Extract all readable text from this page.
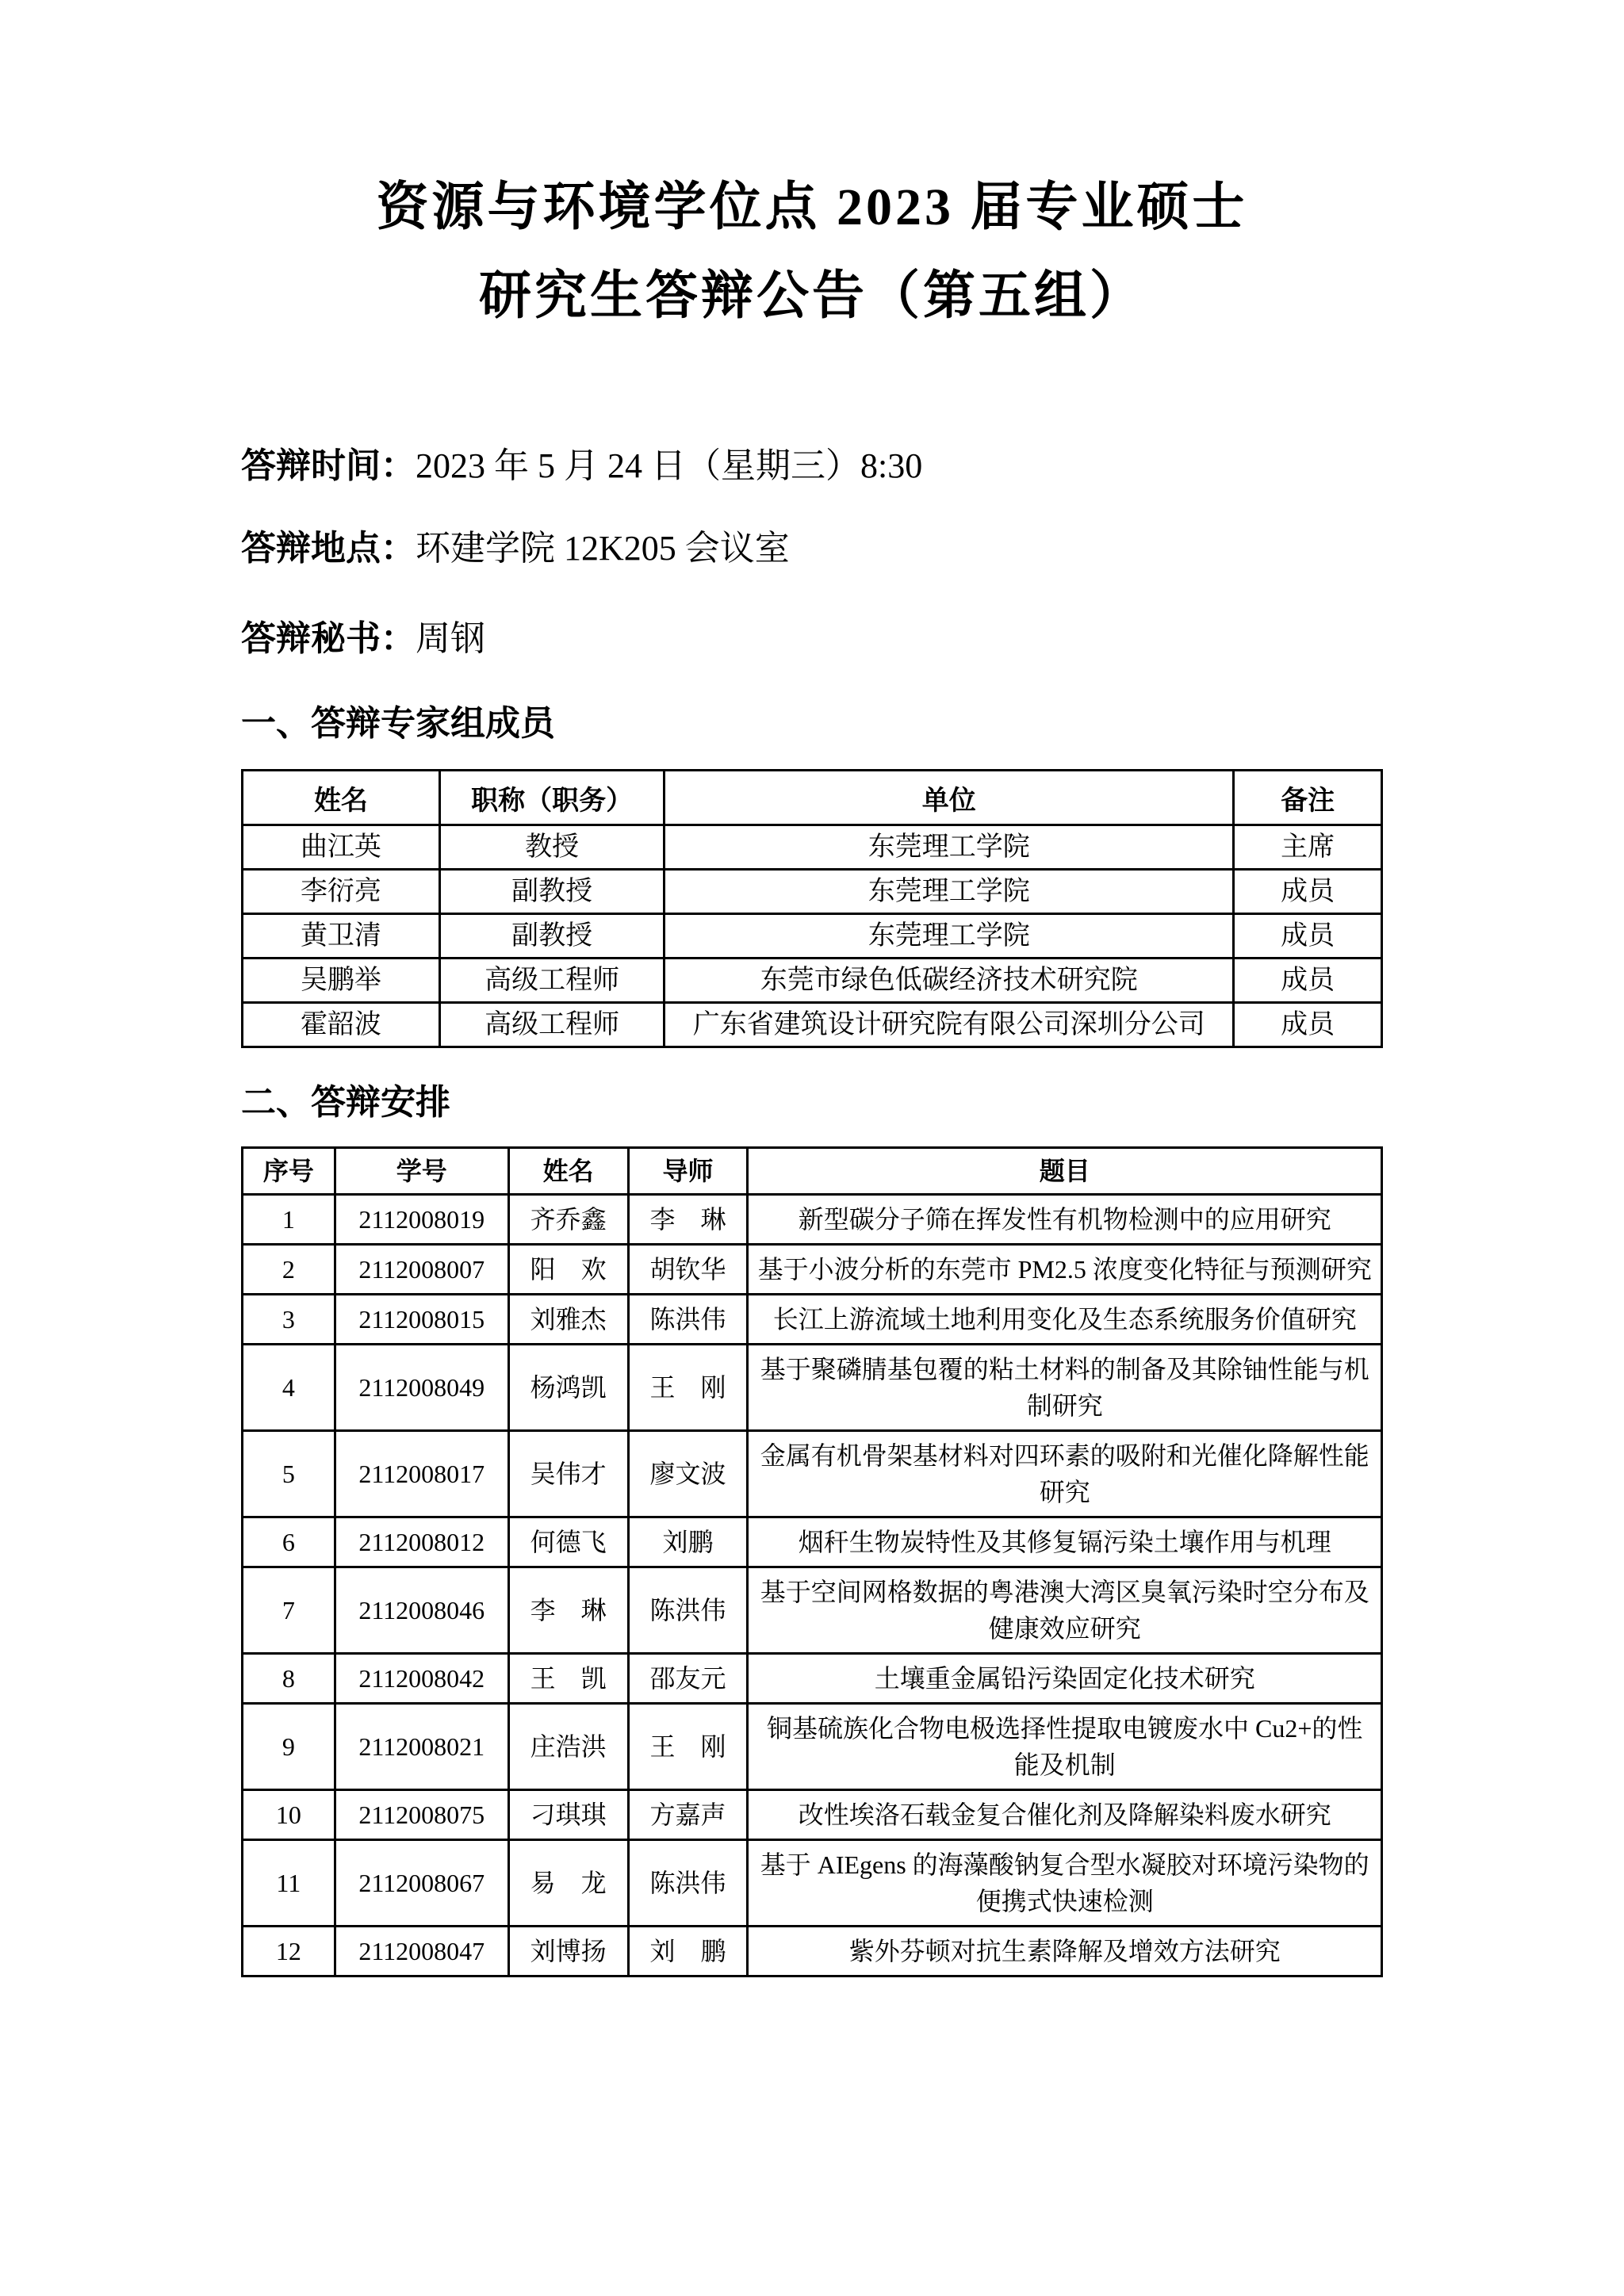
资源与环境学位点 2023 届专业硕士
研究生答辩公告（第五组）

答辩时间：2023 年 5 月 24 日（星期三）8:30

答辩地点：环建学院 12K205 会议室

答辩秘书：周钢

一、答辩专家组成员
姓名	职称（职务）	单位	备注
曲江英	教授	东莞理工学院	主席
李衍亮	副教授	东莞理工学院	成员
黄卫清	副教授	东莞理工学院	成员
吴鹏举	高级工程师	东莞市绿色低碳经济技术研究院	成员
霍韶波	高级工程师	广东省建筑设计研究院有限公司深圳分公司	成员
二、答辩安排
序号	学号	姓名	导师	题目
1	2112008019	齐乔鑫	李　琳	新型碳分子筛在挥发性有机物检测中的应用研究
2	2112008007	阳　欢	胡钦华	基于小波分析的东莞市 PM2.5 浓度变化特征与预测研究
3	2112008015	刘雅杰	陈洪伟	长江上游流域土地利用变化及生态系统服务价值研究
4	2112008049	杨鸿凯	王　刚	基于聚磷腈基包覆的粘土材料的制备及其除铀性能与机制研究
5	2112008017	吴伟才	廖文波	金属有机骨架基材料对四环素的吸附和光催化降解性能研究
6	2112008012	何德飞	刘鹏	烟秆生物炭特性及其修复镉污染土壤作用与机理
7	2112008046	李　琳	陈洪伟	基于空间网格数据的粤港澳大湾区臭氧污染时空分布及健康效应研究
8	2112008042	王　凯	邵友元	土壤重金属铅污染固定化技术研究
9	2112008021	庄浩洪	王　刚	铜基硫族化合物电极选择性提取电镀废水中 Cu2+的性能及机制
10	2112008075	刁琪琪	方嘉声	改性埃洛石载金复合催化剂及降解染料废水研究
11	2112008067	易　龙	陈洪伟	基于 AIEgens 的海藻酸钠复合型水凝胶对环境污染物的便携式快速检测
12	2112008047	刘博扬	刘　鹏	紫外芬顿对抗生素降解及增效方法研究
